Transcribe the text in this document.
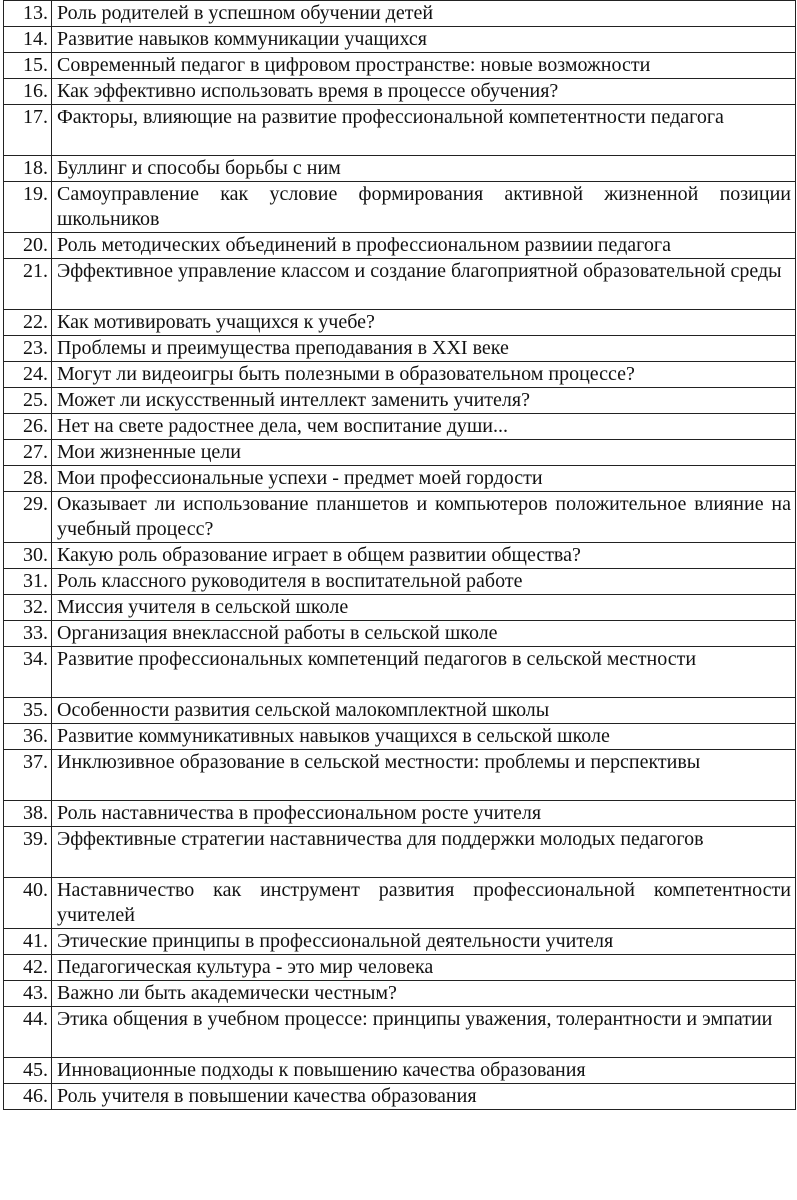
13.	Роль родителей в успешном обучении детей
14.	Развитие навыков коммуникации учащихся
15.	Современный педагог в цифровом пространстве: новые возможности
16.	Как эффективно использовать время в процессе обучения?
17.	Факторы, влияющие на развитие профессиональной компетентности педагога
18.	Буллинг и способы борьбы с ним
19.	Самоуправление как условие формирования активной жизненной позиции школьников
20.	Роль методических объединений в профессиональном развиии педагога
21.	Эффективное управление классом и создание благоприятной образовательной среды
22.	Как мотивировать учащихся к учебе?
23.	Проблемы и преимущества преподавания в XXI веке
24.	Могут ли видеоигры быть полезными в образовательном процессе?
25.	Может ли искусственный интеллект заменить учителя?
26.	Нет на свете радостнее дела, чем воспитание души...
27.	Мои жизненные цели
28.	Мои профессиональные успехи - предмет моей гордости
29.	Оказывает ли использование планшетов и компьютеров положительное влияние на учебный процесс?
30.	Какую роль образование играет в общем развитии общества?
31.	Роль классного руководителя в воспитательной работе
32.	Миссия учителя в сельской школе
33.	Организация внеклассной работы в сельской школе
34.	Развитие профессиональных компетенций педагогов в сельской местности
35.	Особенности развития сельской малокомплектной школы
36.	Развитие коммуникативных навыков учащихся в сельской школе
37.	Инклюзивное образование в сельской местности: проблемы и перспективы
38.	Роль наставничества в профессиональном росте учителя
39.	Эффективные стратегии наставничества для поддержки молодых педагогов
40.	Наставничество как инструмент развития профессиональной компетентности учителей
41.	Этические принципы в профессиональной деятельности учителя
42.	Педагогическая культура - это мир человека
43.	Важно ли быть академически честным?
44.	Этика общения в учебном процессе: принципы уважения, толерантности и эмпатии
45.	Инновационные подходы к повышению качества образования
46.	Роль учителя в повышении качества образования
